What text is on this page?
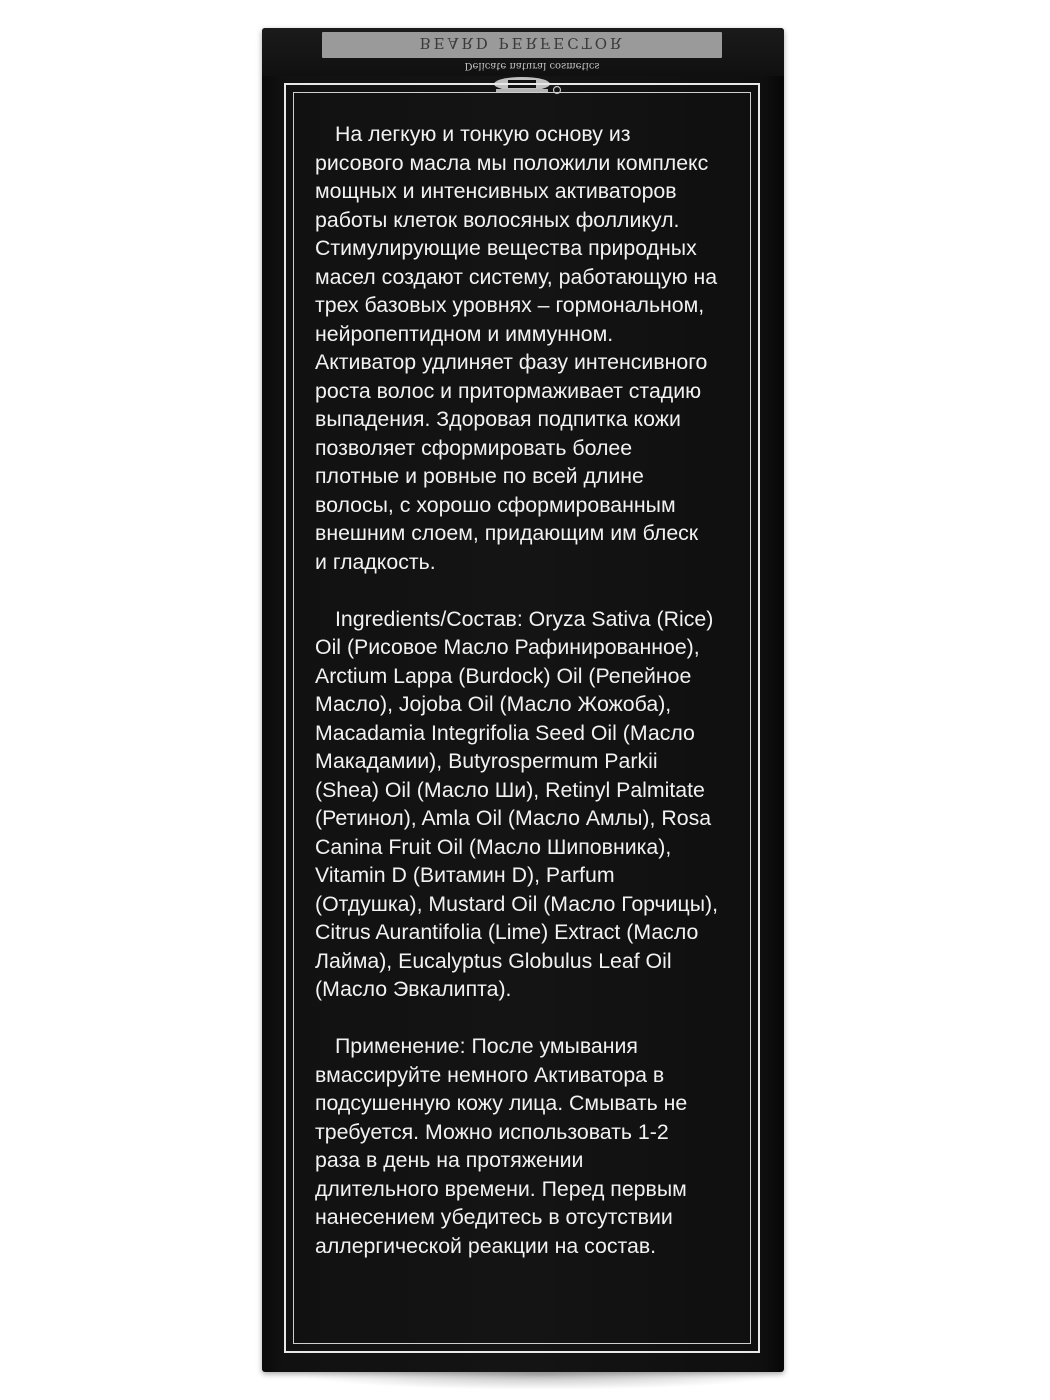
BEARD PERFECTOR
Delicate natural cosmetics

На легкую и тонкую основу из
рисового масла мы положили комплекс
мощных и интенсивных активаторов
работы клеток волосяных фолликул.
Стимулирующие вещества природных
масел создают систему, работающую на
трех базовых уровнях – гормональном,
нейропептидном и иммунном.
Активатор удлиняет фазу интенсивного
роста волос и притормаживает стадию
выпадения. Здоровая подпитка кожи
позволяет сформировать более
плотные и ровные по всей длине
волосы, с хорошо сформированным
внешним слоем, придающим им блеск
и гладкость.

Ingredients/Состав: Oryza Sativa (Rice)
Oil (Рисовое Масло Рафинированное),
Arctium Lappa (Burdock) Oil (Репейное
Масло), Jojoba Oil (Масло Жожоба),
Macadamia Integrifolia Seed Oil (Масло
Макадамии), Butyrospermum Parkii
(Shea) Oil (Масло Ши), Retinyl Palmitate
(Ретинол), Amla Oil (Масло Амлы), Rosa
Canina Fruit Oil (Масло Шиповника),
Vitamin D (Витамин D), Parfum
(Отдушка), Mustard Oil (Масло Горчицы),
Citrus Aurantifolia (Lime) Extract (Масло
Лайма), Eucalyptus Globulus Leaf Oil
(Масло Эвкалипта).

Применение: После умывания
вмассируйте немного Активатора в
подсушенную кожу лица. Смывать не
требуется. Можно использовать 1-2
раза в день на протяжении
длительного времени. Перед первым
нанесением убедитесь в отсутствии
аллергической реакции на состав.
